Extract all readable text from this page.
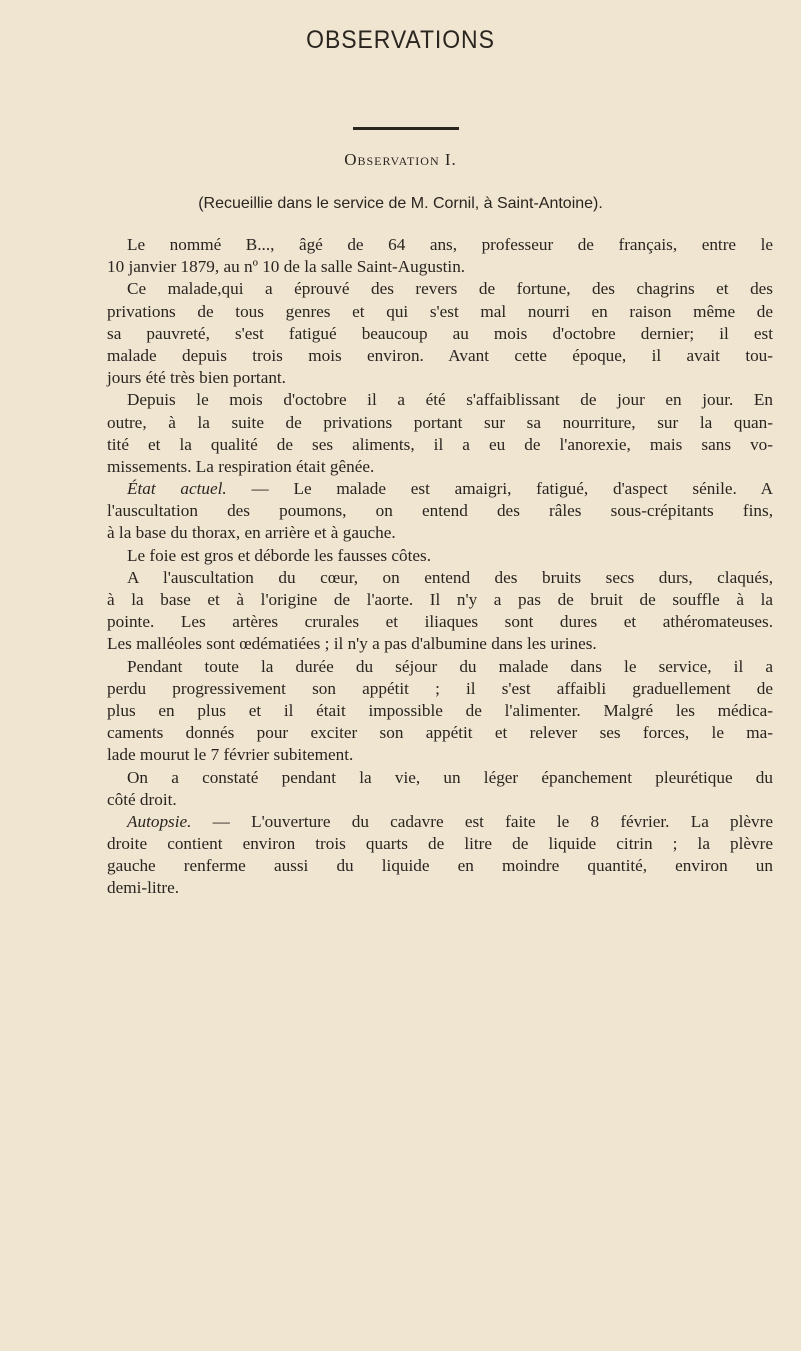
OBSERVATIONS
Observation I.
(Recueillie dans le service de M. Cornil, à Saint-Antoine).
Le nommé B..., âgé de 64 ans, professeur de français, entre le
10 janvier 1879, au nº 10 de la salle Saint-Augustin.
Ce malade,qui a éprouvé des revers de fortune, des chagrins et des
privations de tous genres et qui s'est mal nourri en raison même de
sa pauvreté, s'est fatigué beaucoup au mois d'octobre dernier; il est
malade depuis trois mois environ. Avant cette époque, il avait tou-
jours été très bien portant.
Depuis le mois d'octobre il a été s'affaiblissant de jour en jour. En
outre, à la suite de privations portant sur sa nourriture, sur la quan-
tité et la qualité de ses aliments, il a eu de l'anorexie, mais sans vo-
missements. La respiration était gênée.
État actuel. — Le malade est amaigri, fatigué, d'aspect sénile. A
l'auscultation des poumons, on entend des râles sous-crépitants fins,
à la base du thorax, en arrière et à gauche.
Le foie est gros et déborde les fausses côtes.
A l'auscultation du cœur, on entend des bruits secs durs, claqués,
à la base et à l'origine de l'aorte. Il n'y a pas de bruit de souffle à la
pointe. Les artères crurales et iliaques sont dures et athéromateuses.
Les malléoles sont œdématiées ; il n'y a pas d'albumine dans les urines.
Pendant toute la durée du séjour du malade dans le service, il a
perdu progressivement son appétit ; il s'est affaibli graduellement de
plus en plus et il était impossible de l'alimenter. Malgré les médica-
caments donnés pour exciter son appétit et relever ses forces, le ma-
lade mourut le 7 février subitement.
On a constaté pendant la vie, un léger épanchement pleurétique du
côté droit.
Autopsie. — L'ouverture du cadavre est faite le 8 février. La plèvre
droite contient environ trois quarts de litre de liquide citrin ; la plèvre
gauche renferme aussi du liquide en moindre quantité, environ un
demi-litre.
